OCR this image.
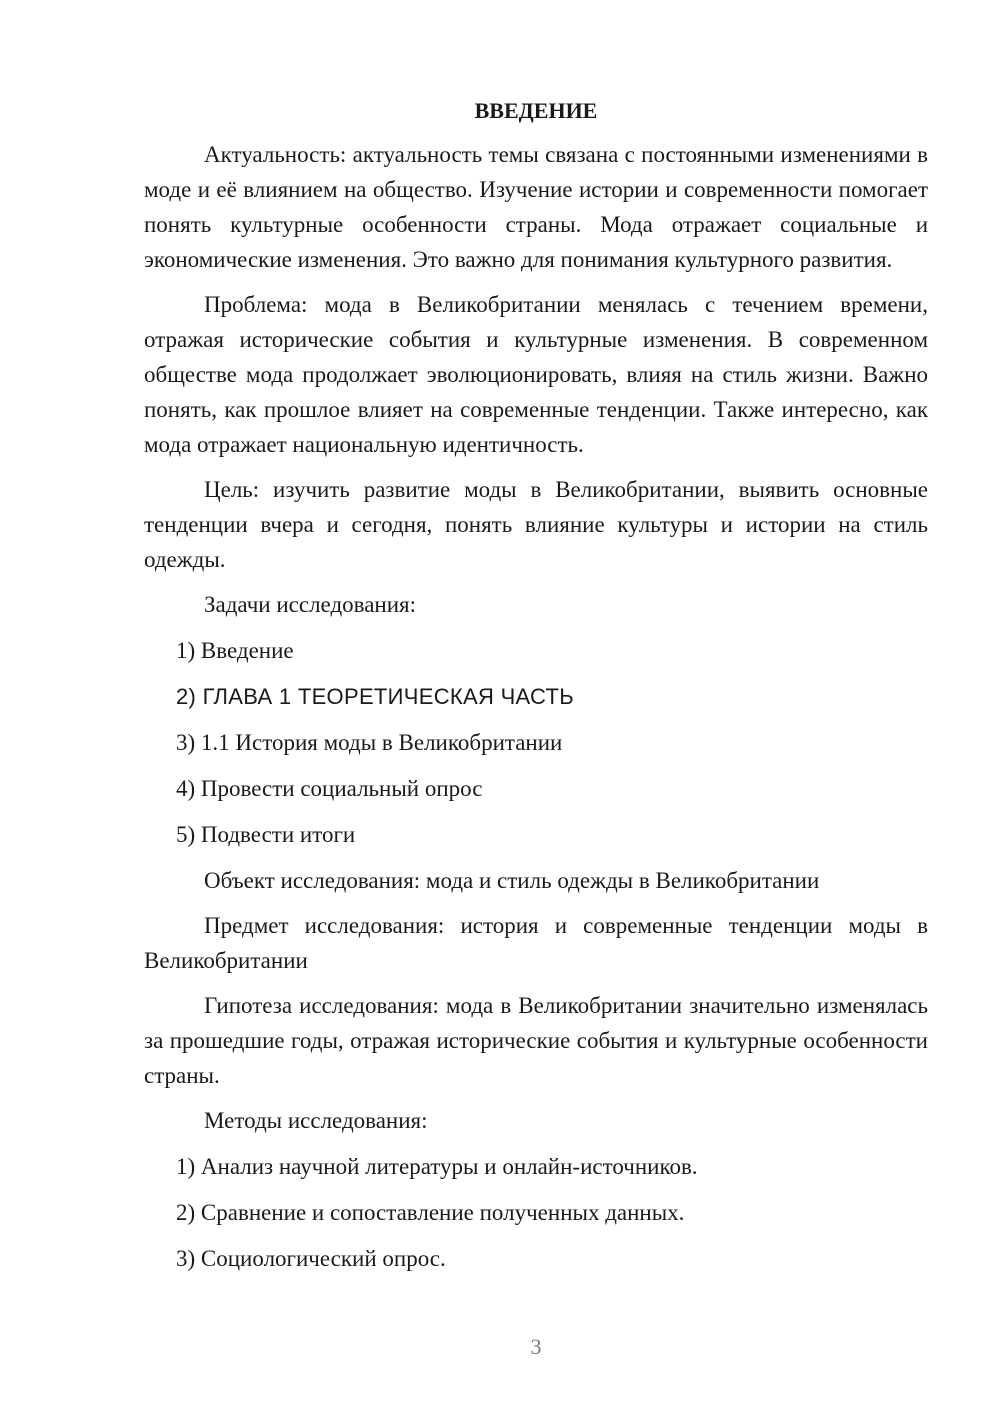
ВВЕДЕНИЕ

Актуальность: актуальность темы связана с постоянными изменениями в моде и её влиянием на общество. Изучение истории и современности помогает понять культурные особенности страны. Мода отражает социальные и экономические изменения. Это важно для понимания культурного развития.

Проблема: мода в Великобритании менялась с течением времени, отражая исторические события и культурные изменения. В современном обществе мода продолжает эволюционировать, влияя на стиль жизни. Важно понять, как прошлое влияет на современные тенденции. Также интересно, как мода отражает национальную идентичность.

Цель: изучить развитие моды в Великобритании, выявить основные тенденции вчера и сегодня, понять влияние культуры и истории на стиль одежды.

Задачи исследования:

1) Введение

2) ГЛАВА 1 ТЕОРЕТИЧЕСКАЯ ЧАСТЬ

3) 1.1 История моды в Великобритании

4) Провести социальный опрос

5) Подвести итоги

Объект исследования: мода и стиль одежды в Великобритании

Предмет исследования: история и современные тенденции моды в Великобритании

Гипотеза исследования: мода в Великобритании значительно изменялась за прошедшие годы, отражая исторические события и культурные особенности страны.

Методы исследования:

1) Анализ научной литературы и онлайн-источников.

2) Сравнение и сопоставление полученных данных.

3) Социологический опрос.

3
